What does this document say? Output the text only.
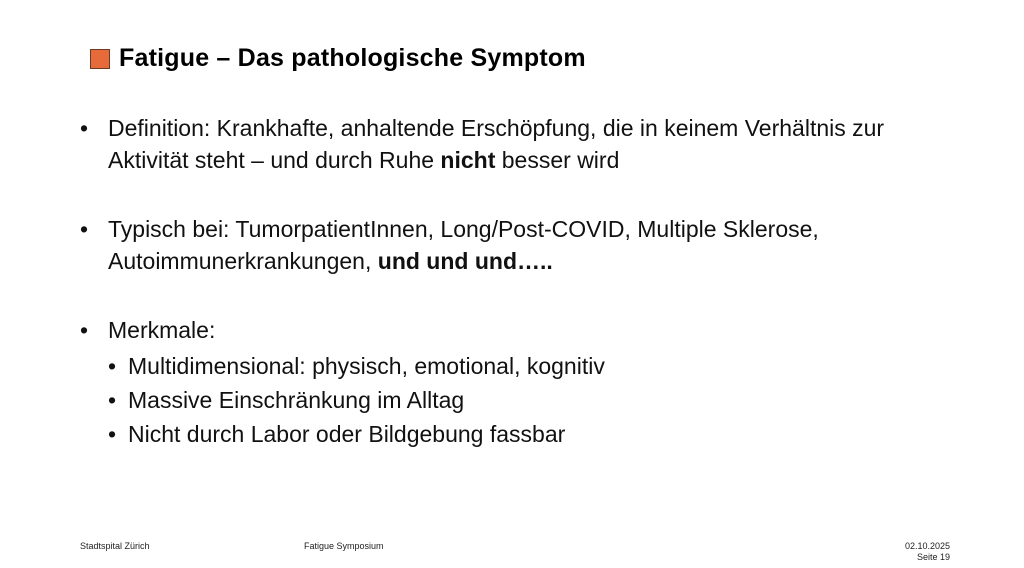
Fatigue – Das pathologische Symptom
• Definition: Krankhafte, anhaltende Erschöpfung, die in keinem Verhältnis zur Aktivität steht – und durch Ruhe nicht besser wird
• Typisch bei: TumorpatientInnen, Long/Post-COVID, Multiple Sklerose, Autoimmunerkrankungen, und und und…..
• Merkmale:
• Multidimensional: physisch, emotional, kognitiv
• Massive Einschränkung im Alltag
• Nicht durch Labor oder Bildgebung fassbar
Stadtspital Zürich	Fatigue Symposium	02.10.2025
Seite 19
